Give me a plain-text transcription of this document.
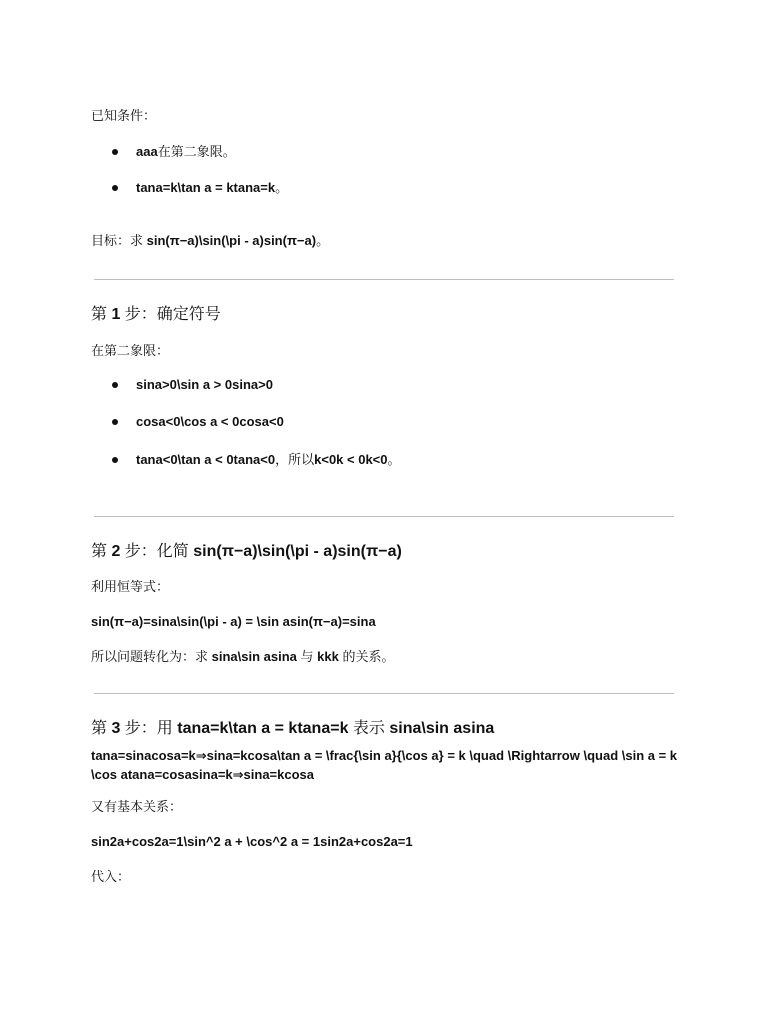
已知条件：
aaa 在第二象限。
tana=k\tan a = ktana=k 。
目标：求 sin(π−a)\sin(\pi - a)sin(π−a)。
第 1 步：确定符号
在第二象限：
sina>0\sin a > 0sina>0
cosa<0\cos a < 0cosa<0
tana<0\tan a < 0tana<0 ，所以 k<0k < 0k<0 。
第 2 步：化简 sin(π−a)\sin(\pi - a)sin(π−a)
利用恒等式：
sin(π−a)=sina\sin(\pi - a) = \sin asin(π−a)=sina
所以问题转化为：求 sina\sin asina 与 kkk 的关系。
第 3 步：用 tana=k\tan a = ktana=k 表示 sina\sin asina
tana=sinacosa=k⇒sina=kcosa\tan a = \frac{\sin a}{\cos a} = k \quad \Rightarrow \quad \sin a = k \cos atana=cosasina=k⇒sina=kcosa
又有基本关系：
sin2a+cos2a=1\sin^2 a + \cos^2 a = 1sin2a+cos2a=1
代入：
